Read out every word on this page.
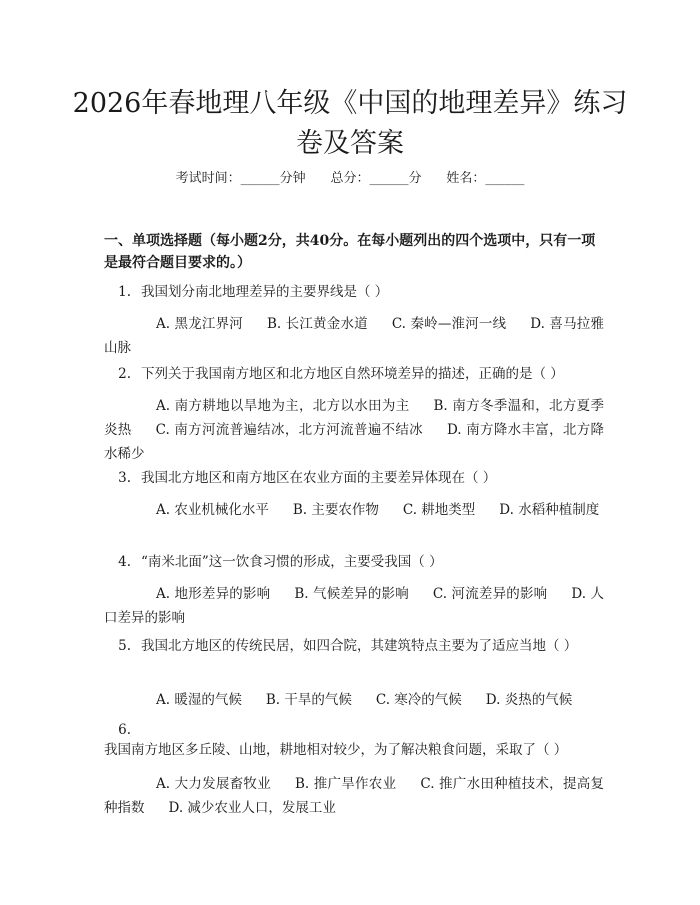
2026年春地理八年级《中国的地理差异》练习卷及答案
考试时间：______分钟 总分：______分 姓名：______
一、单项选择题（每小题2分，共40分。在每小题列出的四个选项中，只有一项是最符合题目要求的。）
1. 我国划分南北地理差异的主要界线是（ ）
A. 黑龙江界河 B. 长江黄金水道 C. 秦岭—淮河一线 D. 喜马拉雅山脉
2. 下列关于我国南方地区和北方地区自然环境差异的描述，正确的是（ ）
A. 南方耕地以旱地为主，北方以水田为主 B. 南方冬季温和，北方夏季炎热 C. 南方河流普遍结冰，北方河流普遍不结冰 D. 南方降水丰富，北方降水稀少
3. 我国北方地区和南方地区在农业方面的主要差异体现在（ ）
A. 农业机械化水平 B. 主要农作物 C. 耕地类型 D. 水稻种植制度
4. “南米北面”这一饮食习惯的形成，主要受我国（ ）
A. 地形差异的影响 B. 气候差异的影响 C. 河流差异的影响 D. 人口差异的影响
5. 我国北方地区的传统民居，如四合院，其建筑特点主要为了适应当地（ ）
A. 暖湿的气候 B. 干旱的气候 C. 寒冷的气候 D. 炎热的气候
6.我国南方地区多丘陵、山地，耕地相对较少，为了解决粮食问题，采取了（ ）
A. 大力发展畜牧业 B. 推广旱作农业 C. 推广水田种植技术，提高复种指数 D. 减少农业人口，发展工业
